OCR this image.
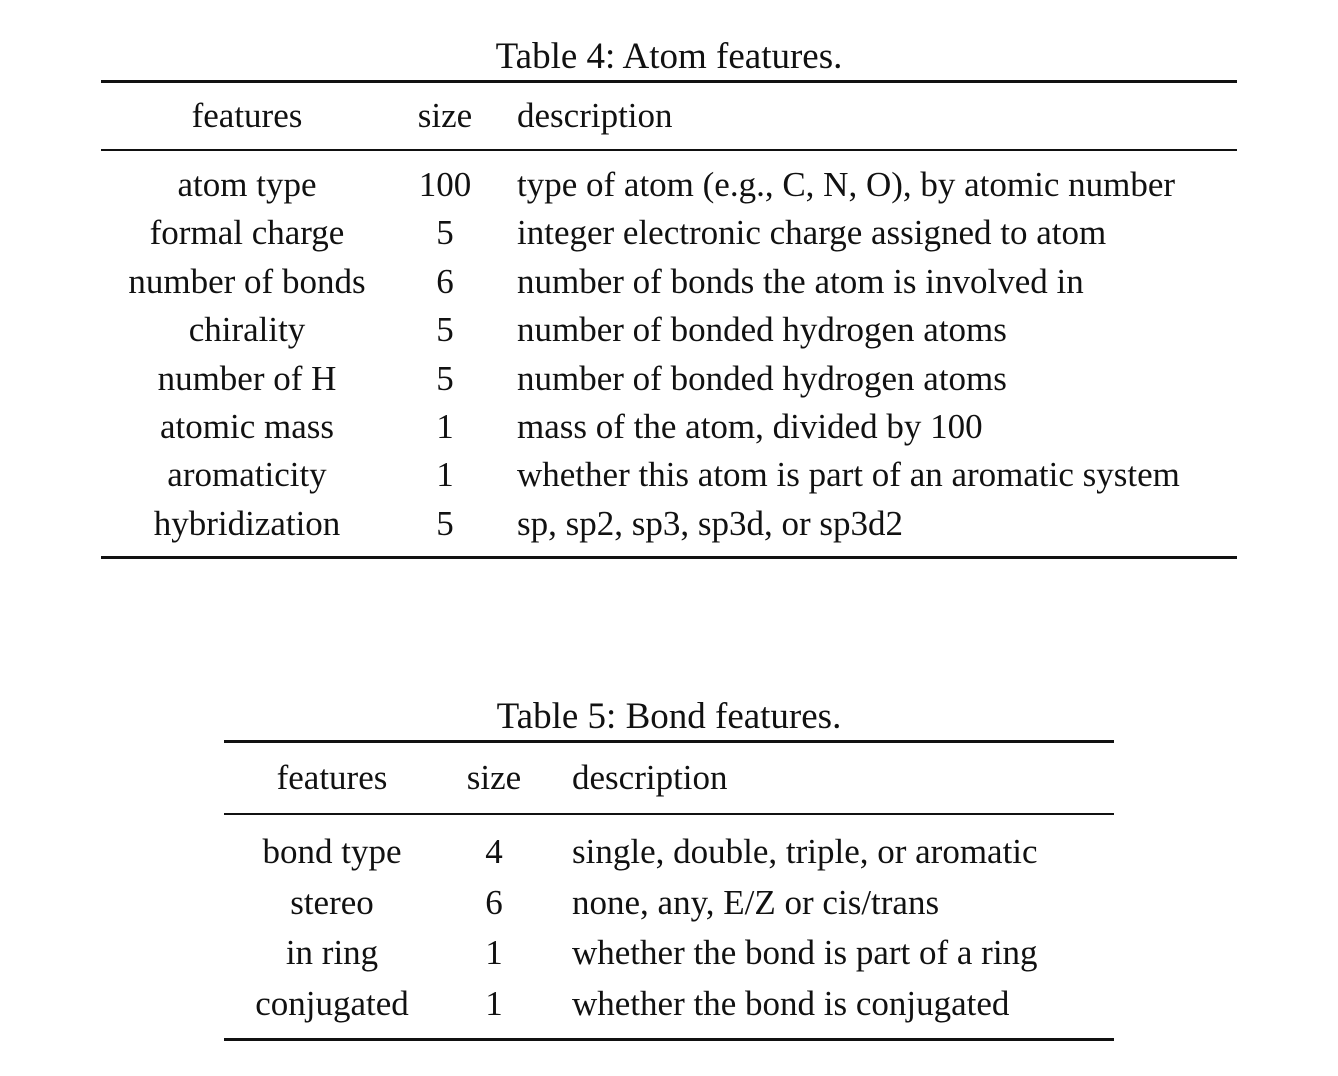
Table 4: Atom features.
features	size	description

atom type	100	type of atom (e.g., C, N, O), by atomic number
formal charge	5	integer electronic charge assigned to atom
number of bonds	6	number of bonds the atom is involved in
chirality	5	number of bonded hydrogen atoms
number of H	5	number of bonded hydrogen atoms
atomic mass	1	mass of the atom, divided by 100
aromaticity	1	whether this atom is part of an aromatic system
hybridization	5	sp, sp2, sp3, sp3d, or sp3d2

Table 5: Bond features.
features	size	description

bond type	4	single, double, triple, or aromatic
stereo	6	none, any, E/Z or cis/trans
in ring	1	whether the bond is part of a ring
conjugated	1	whether the bond is conjugated
